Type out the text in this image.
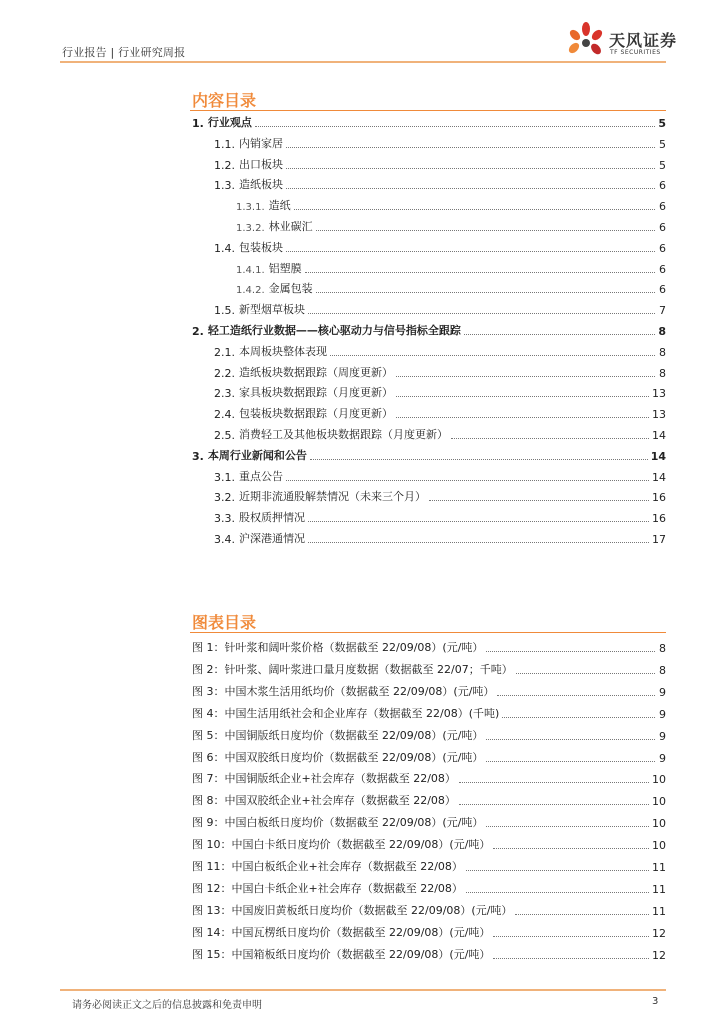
行业报告 | 行业研究周报
天风证券
TF SECURITIES
内容目录
1. 行业观点	5
1.1. 内销家居	5
1.2. 出口板块	5
1.3. 造纸板块	6
1.3.1. 造纸	6
1.3.2. 林业碳汇	6
1.4. 包装板块	6
1.4.1. 铝塑膜	6
1.4.2. 金属包装	6
1.5. 新型烟草板块	7
2. 轻工造纸行业数据——核心驱动力与信号指标全跟踪	8
2.1. 本周板块整体表现	8
2.2. 造纸板块数据跟踪（周度更新）	8
2.3. 家具板块数据跟踪（月度更新）	13
2.4. 包装板块数据跟踪（月度更新）	13
2.5. 消费轻工及其他板块数据跟踪（月度更新）	14
3. 本周行业新闻和公告	14
3.1. 重点公告	14
3.2. 近期非流通股解禁情况（未来三个月）	16
3.3. 股权质押情况	16
3.4. 沪深港通情况	17
图表目录
图 1： 针叶浆和阔叶浆价格（数据截至 22/09/08）(元/吨）	8
图 2： 针叶浆、阔叶浆进口量月度数据（数据截至 22/07；千吨）	8
图 3： 中国木浆生活用纸均价（数据截至 22/09/08）(元/吨）	9
图 4： 中国生活用纸社会和企业库存（数据截至 22/08）(千吨)	9
图 5： 中国铜版纸日度均价（数据截至 22/09/08）(元/吨）	9
图 6： 中国双胶纸日度均价（数据截至 22/09/08）(元/吨）	9
图 7： 中国铜版纸企业+社会库存（数据截至 22/08）	10
图 8： 中国双胶纸企业+社会库存（数据截至 22/08）	10
图 9： 中国白板纸日度均价（数据截至 22/09/08）(元/吨）	10
图 10： 中国白卡纸日度均价（数据截至 22/09/08）(元/吨）	10
图 11： 中国白板纸企业+社会库存（数据截至 22/08）	11
图 12： 中国白卡纸企业+社会库存（数据截至 22/08）	11
图 13： 中国废旧黄板纸日度均价（数据截至 22/09/08）(元/吨）	11
图 14： 中国瓦楞纸日度均价（数据截至 22/09/08）(元/吨）	12
图 15： 中国箱板纸日度均价（数据截至 22/09/08）(元/吨）	12
请务必阅读正文之后的信息披露和免责申明	3
